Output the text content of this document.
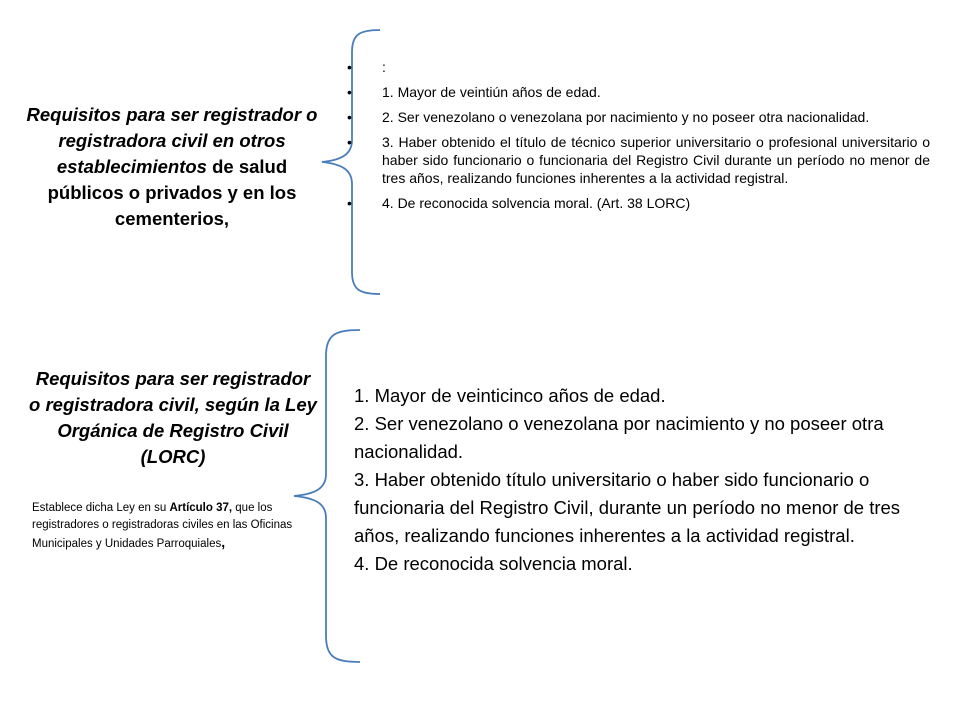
Requisitos para ser registrador o registradora civil en otros establecimientos de salud públicos o privados y en los cementerios,
• :
• 1. Mayor de veintiún años de edad.
• 2. Ser venezolano o venezolana por nacimiento y no poseer otra nacionalidad.
• 3. Haber obtenido el título de técnico superior universitario o profesional universitario o haber sido funcionario o funcionaria del Registro Civil durante un período no menor de tres años, realizando funciones inherentes a la actividad registral.
• 4. De reconocida solvencia moral. (Art. 38 LORC)
Requisitos para ser registrador o registradora civil, según la Ley Orgánica de Registro Civil (LORC)
Establece dicha Ley en su Artículo 37, que los registradores o registradoras civiles en las Oficinas Municipales y Unidades Parroquiales,
1. Mayor de veinticinco años de edad.
2. Ser venezolano o venezolana por nacimiento y no poseer otra nacionalidad.
3. Haber obtenido título universitario o haber sido funcionario o funcionaria del Registro Civil, durante un período no menor de tres años, realizando funciones inherentes a la actividad registral.
4. De reconocida solvencia moral.
